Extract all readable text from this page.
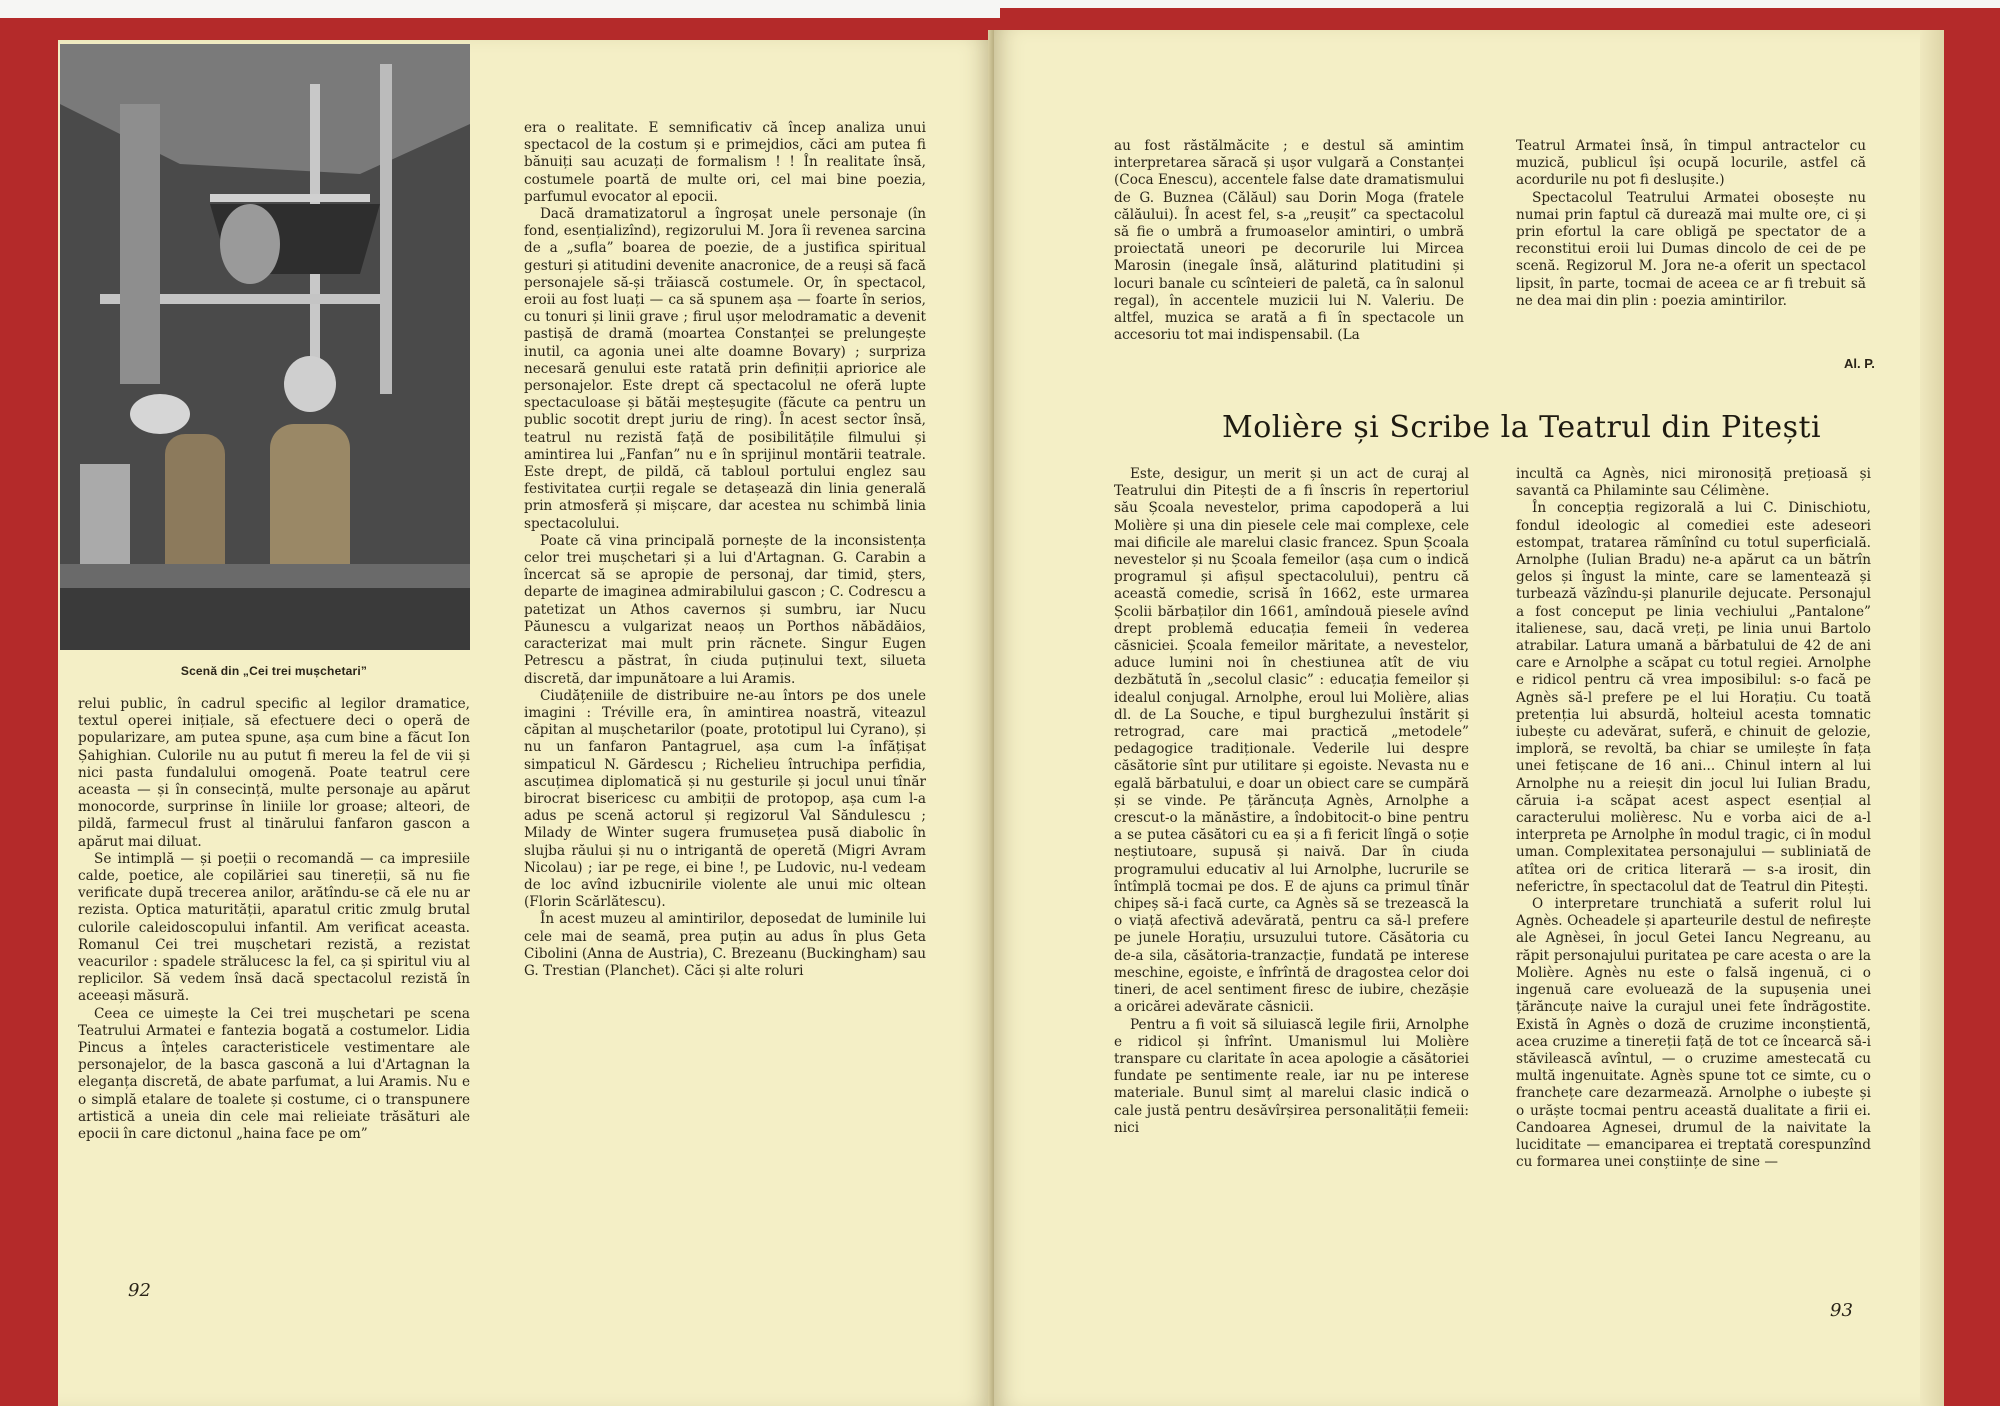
Scenă din „Cei trei mușchetari”

relui public, în cadrul specific al legilor dramatice, textul operei inițiale, să efectuere deci o operă de popularizare, am putea spune, așa cum bine a făcut Ion Șahighian. Culorile nu au putut fi mereu la fel de vii și nici pasta fundalului omogenă. Poate teatrul cere aceasta — și în consecință, multe personaje au apărut monocorde, surprinse în liniile lor groase; alteori, de pildă, farmecul frust al tinărului fanfaron gascon a apărut mai diluat.

Se intimplă — și poeții o recomandă — ca impresiile calde, poetice, ale copilăriei sau tinereții, să nu fie verificate după trecerea anilor, arătîndu-se că ele nu ar rezista. Optica maturității, aparatul critic zmulg brutal culorile caleidoscopului infantil. Am verificat aceasta. Romanul Cei trei mușchetari rezistă, a rezistat veacurilor : spadele strălucesc la fel, ca și spiritul viu al replicilor. Să vedem însă dacă spectacolul rezistă în aceeași măsură.

Ceea ce uimește la Cei trei mușchetari pe scena Teatrului Armatei e fantezia bogată a costumelor. Lidia Pincus a înțeles caracteristicele vestimentare ale personajelor, de la basca gasconă a lui d'Artagnan la eleganța discretă, de abate parfumat, a lui Aramis. Nu e o simplă etalare de toalete și costume, ci o transpunere artistică a uneia din cele mai relieiate trăsături ale epocii în care dictonul „haina face pe om”

era o realitate. E semnificativ că încep analiza unui spectacol de la costum și e primejdios, căci am putea fi bănuiți sau acuzați de formalism ! ! În realitate însă, costumele poartă de multe ori, cel mai bine poezia, parfumul evocator al epocii.

Dacă dramatizatorul a îngroșat unele personaje (în fond, esențializînd), regizorului M. Jora îi revenea sarcina de a „sufla” boarea de poezie, de a justifica spiritual gesturi și atitudini devenite anacronice, de a reuși să facă personajele să-și trăiască costumele. Or, în spectacol, eroii au fost luați — ca să spunem așa — foarte în serios, cu tonuri și linii grave ; firul ușor melodramatic a devenit pastișă de dramă (moartea Constanței se prelungește inutil, ca agonia unei alte doamne Bovary) ; surpriza necesară genului este ratată prin definiții apriorice ale personajelor. Este drept că spectacolul ne oferă lupte spectaculoase și bătăi meșteșugite (făcute ca pentru un public socotit drept juriu de ring). În acest sector însă, teatrul nu rezistă față de posibilitățile filmului și amintirea lui „Fanfan” nu e în sprijinul montării teatrale. Este drept, de pildă, că tabloul portului englez sau festivitatea curții regale se detașează din linia generală prin atmosferă și mișcare, dar acestea nu schimbă linia spectacolului.

Poate că vina principală pornește de la inconsistența celor trei mușchetari și a lui d'Artagnan. G. Carabin a încercat să se apropie de personaj, dar timid, șters, departe de imaginea admirabilului gascon ; C. Codrescu a patetizat un Athos cavernos și sumbru, iar Nucu Păunescu a vulgarizat neaoș un Porthos năbădăios, caracterizat mai mult prin răcnete. Singur Eugen Petrescu a păstrat, în ciuda puținului text, silueta discretă, dar impunătoare a lui Aramis.

Ciudățeniile de distribuire ne-au întors pe dos unele imagini : Tréville era, în amintirea noastră, viteazul căpitan al mușchetarilor (poate, prototipul lui Cyrano), și nu un fanfaron Pantagruel, așa cum l-a înfățișat simpaticul N. Gărdescu ; Richelieu întruchipa perfidia, ascuțimea diplomatică și nu gesturile și jocul unui tînăr birocrat bisericesc cu ambiții de protopop, așa cum l-a adus pe scenă actorul și regizorul Val Săndulescu ; Milady de Winter sugera frumusețea pusă diabolic în slujba răului și nu o intrigantă de operetă (Migri Avram Nicolau) ; iar pe rege, ei bine !, pe Ludovic, nu-l vedeam de loc avînd izbucnirile violente ale unui mic oltean (Florin Scărlătescu).

În acest muzeu al amintirilor, deposedat de luminile lui cele mai de seamă, prea puțin au adus în plus Geta Cibolini (Anna de Austria), C. Brezeanu (Buckingham) sau G. Trestian (Planchet). Căci și alte roluri

92

au fost răstălmăcite ; e destul să amintim interpretarea săracă și ușor vulgară a Constanței (Coca Enescu), accentele false date dramatismului de G. Buznea (Călăul) sau Dorin Moga (fratele călăului). În acest fel, s-a „reușit” ca spectacolul să fie o umbră a frumoaselor amintiri, o umbră proiectată uneori pe decorurile lui Mircea Marosin (inegale însă, alăturind platitudini și locuri banale cu scînteieri de paletă, ca în salonul regal), în accentele muzicii lui N. Valeriu. De altfel, muzica se arată a fi în spectacole un accesoriu tot mai indispensabil. (La

Teatrul Armatei însă, în timpul antractelor cu muzică, publicul își ocupă locurile, astfel că acordurile nu pot fi deslușite.)

Spectacolul Teatrului Armatei obosește nu numai prin faptul că durează mai multe ore, ci și prin efortul la care obligă pe spectator de a reconstitui eroii lui Dumas dincolo de cei de pe scenă. Regizorul M. Jora ne-a oferit un spectacol lipsit, în parte, tocmai de aceea ce ar fi trebuit să ne dea mai din plin : poezia amintirilor.

Al. P.
Molière și Scribe la Teatrul din Pitești

Este, desigur, un merit și un act de curaj al Teatrului din Pitești de a fi înscris în repertoriul său Școala nevestelor, prima capodoperă a lui Molière și una din piesele cele mai complexe, cele mai dificile ale marelui clasic francez. Spun Școala nevestelor și nu Școala femeilor (așa cum o indică programul și afișul spectacolului), pentru că această comedie, scrisă în 1662, este urmarea Școlii bărbaților din 1661, amîndouă piesele avînd drept problemă educația femeii în vederea căsniciei. Școala femeilor măritate, a nevestelor, aduce lumini noi în chestiunea atît de viu dezbătută în „secolul clasic” : educația femeilor și idealul conjugal. Arnolphe, eroul lui Molière, alias dl. de La Souche, e tipul burghezului înstărit și retrograd, care mai practică „metodele” pedagogice tradiționale. Vederile lui despre căsătorie sînt pur utilitare și egoiste. Nevasta nu e egală bărbatului, e doar un obiect care se cumpără și se vinde. Pe țărăncuța Agnès, Arnolphe a crescut-o la mănăstire, a îndobitocit-o bine pentru a se putea căsători cu ea și a fi fericit lîngă o soție neștiutoare, supusă și naivă. Dar în ciuda programului educativ al lui Arnolphe, lucrurile se întîmplă tocmai pe dos. E de ajuns ca primul tînăr chipeș să-i facă curte, ca Agnès să se trezească la o viață afectivă adevărată, pentru ca să-l prefere pe junele Horațiu, ursuzului tutore. Căsătoria cu de-a sila, căsătoria-tranzacție, fundată pe interese meschine, egoiste, e înfrîntă de dragostea celor doi tineri, de acel sentiment firesc de iubire, chezășie a oricărei adevărate căsnicii.

Pentru a fi voit să siluiască legile firii, Arnolphe e ridicol și înfrînt. Umanismul lui Molière transpare cu claritate în acea apologie a căsătoriei fundate pe sentimente reale, iar nu pe interese materiale. Bunul simț al marelui clasic indică o cale justă pentru desăvîrșirea personalității femeii: nici

incultă ca Agnès, nici mironosiță prețioasă și savantă ca Philaminte sau Célimène.

În concepția regizorală a lui C. Dinischiotu, fondul ideologic al comediei este adeseori estompat, tratarea rămînînd cu totul superficială. Arnolphe (Iulian Bradu) ne-a apărut ca un bătrîn gelos și îngust la minte, care se lamentează și turbează văzîndu-și planurile dejucate. Personajul a fost conceput pe linia vechiului „Pantalone” italienese, sau, dacă vreți, pe linia unui Bartolo atrabilar. Latura umană a bărbatului de 42 de ani care e Arnolphe a scăpat cu totul regiei. Arnolphe e ridicol pentru că vrea imposibilul: s-o facă pe Agnès să-l prefere pe el lui Horațiu. Cu toată pretenția lui absurdă, holteiul acesta tomnatic iubește cu adevărat, suferă, e chinuit de gelozie, imploră, se revoltă, ba chiar se umilește în fața unei fetișcane de 16 ani... Chinul intern al lui Arnolphe nu a reieșit din jocul lui Iulian Bradu, căruia i-a scăpat acest aspect esențial al caracterului molièresc. Nu e vorba aici de a-l interpreta pe Arnolphe în modul tragic, ci în modul uman. Complexitatea personajului — subliniată de atîtea ori de critica literară — s-a irosit, din neferictre, în spectacolul dat de Teatrul din Pitești.

O interpretare trunchiată a suferit rolul lui Agnès. Ocheadele și aparteurile destul de nefirește ale Agnèsei, în jocul Getei Iancu Negreanu, au răpit personajului puritatea pe care acesta o are la Molière. Agnès nu este o falsă ingenuă, ci o ingenuă care evoluează de la supușenia unei țărăncuțe naive la curajul unei fete îndrăgostite. Există în Agnès o doză de cruzime inconștientă, acea cruzime a tinereții față de tot ce încearcă să-i stăvilească avîntul, — o cruzime amestecată cu multă ingenuitate. Agnès spune tot ce simte, cu o franchețe care dezarmează. Arnolphe o iubește și o urăște tocmai pentru această dualitate a firii ei. Candoarea Agnesei, drumul de la naivitate la luciditate — emanciparea ei treptată corespunzînd cu formarea unei conștiințe de sine —

93
